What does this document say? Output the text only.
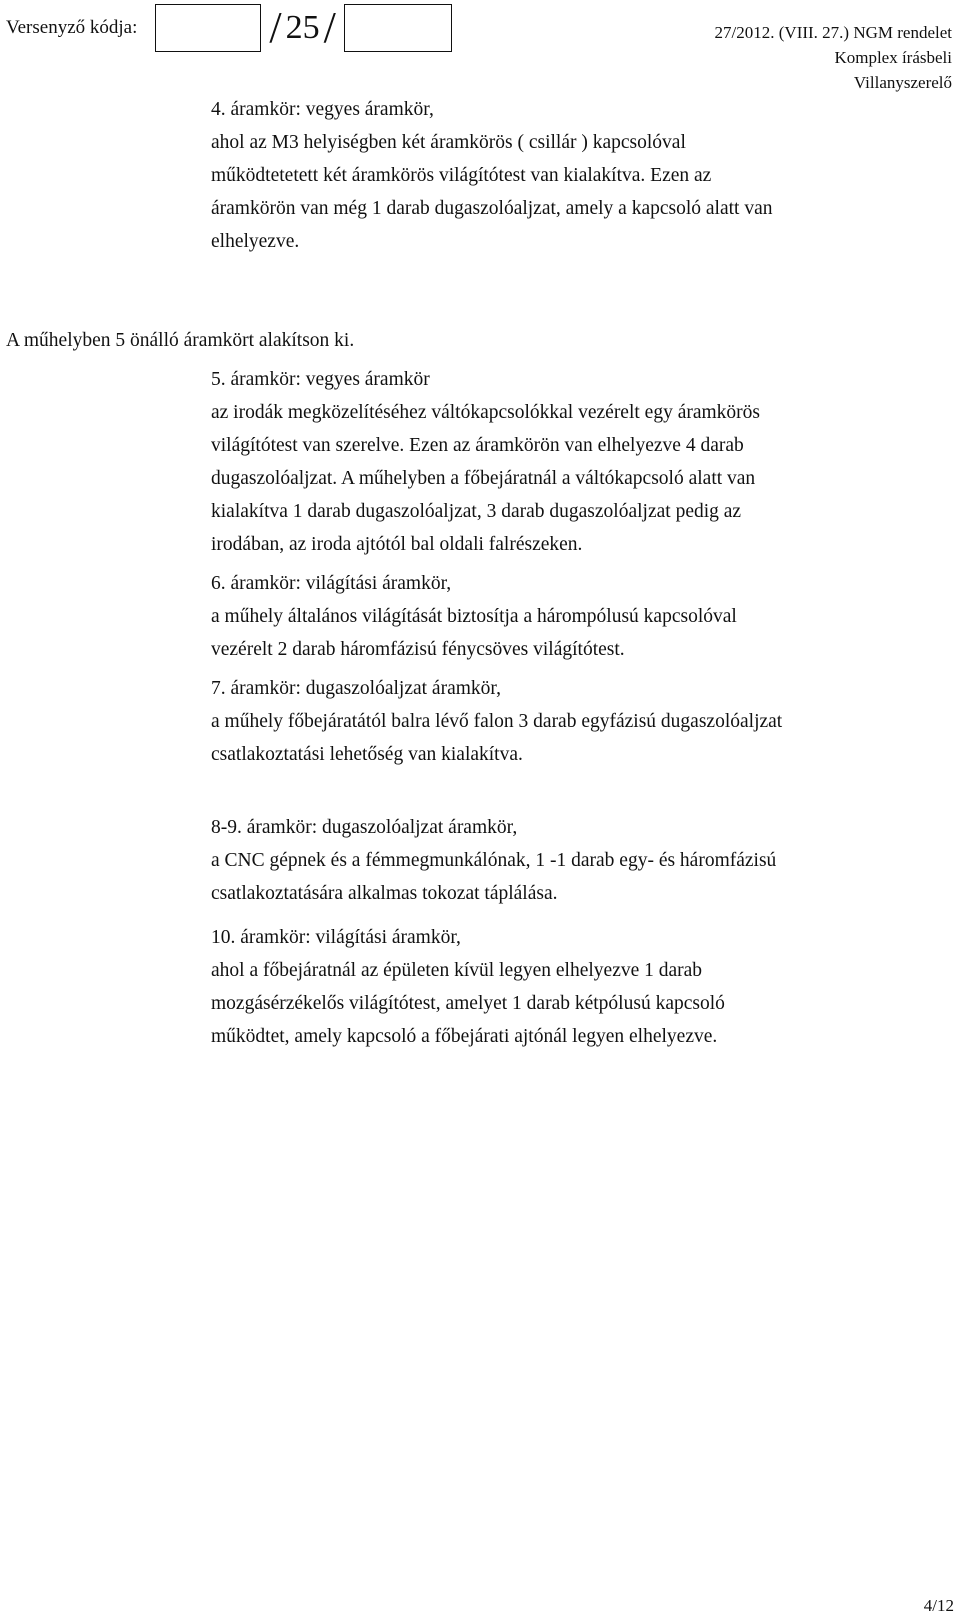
Versenyző kódja:	/ 25 /	27/2012. (VIII. 27.) NGM rendelet
Komplex írásbeli
Villanyszerelő

4. áramkör: vegyes áramkör,

ahol az M3 helyiségben két áramkörös ( csillár ) kapcsolóval

működtetetett két áramkörös világítótest van kialakítva. Ezen az

áramkörön van még 1 darab dugaszolóaljzat, amely a kapcsoló alatt van

elhelyezve.

A műhelyben 5 önálló áramkört alakítson ki.

5. áramkör: vegyes áramkör

az irodák megközelítéséhez váltókapcsolókkal vezérelt egy áramkörös

világítótest van szerelve. Ezen az áramkörön van elhelyezve 4 darab

dugaszolóaljzat. A műhelyben a főbejáratnál a váltókapcsoló alatt van

kialakítva 1 darab dugaszolóaljzat, 3 darab dugaszolóaljzat pedig az

irodában, az iroda ajtótól bal oldali falrészeken.

6. áramkör: világítási áramkör,

a műhely általános világítását biztosítja a hárompólusú kapcsolóval

vezérelt 2 darab háromfázisú fénycsöves világítótest.

7. áramkör: dugaszolóaljzat áramkör,

a műhely főbejáratától balra lévő falon 3 darab egyfázisú dugaszolóaljzat

csatlakoztatási lehetőség van kialakítva.

8-9. áramkör: dugaszolóaljzat áramkör,

a CNC gépnek és a fémmegmunkálónak, 1 -1 darab egy- és háromfázisú

csatlakoztatására alkalmas tokozat táplálása.

10. áramkör: világítási áramkör,

ahol a főbejáratnál az épületen kívül legyen elhelyezve 1 darab

mozgásérzékelős világítótest, amelyet 1 darab kétpólusú kapcsoló

működtet, amely kapcsoló a főbejárati ajtónál legyen elhelyezve.

4/12
